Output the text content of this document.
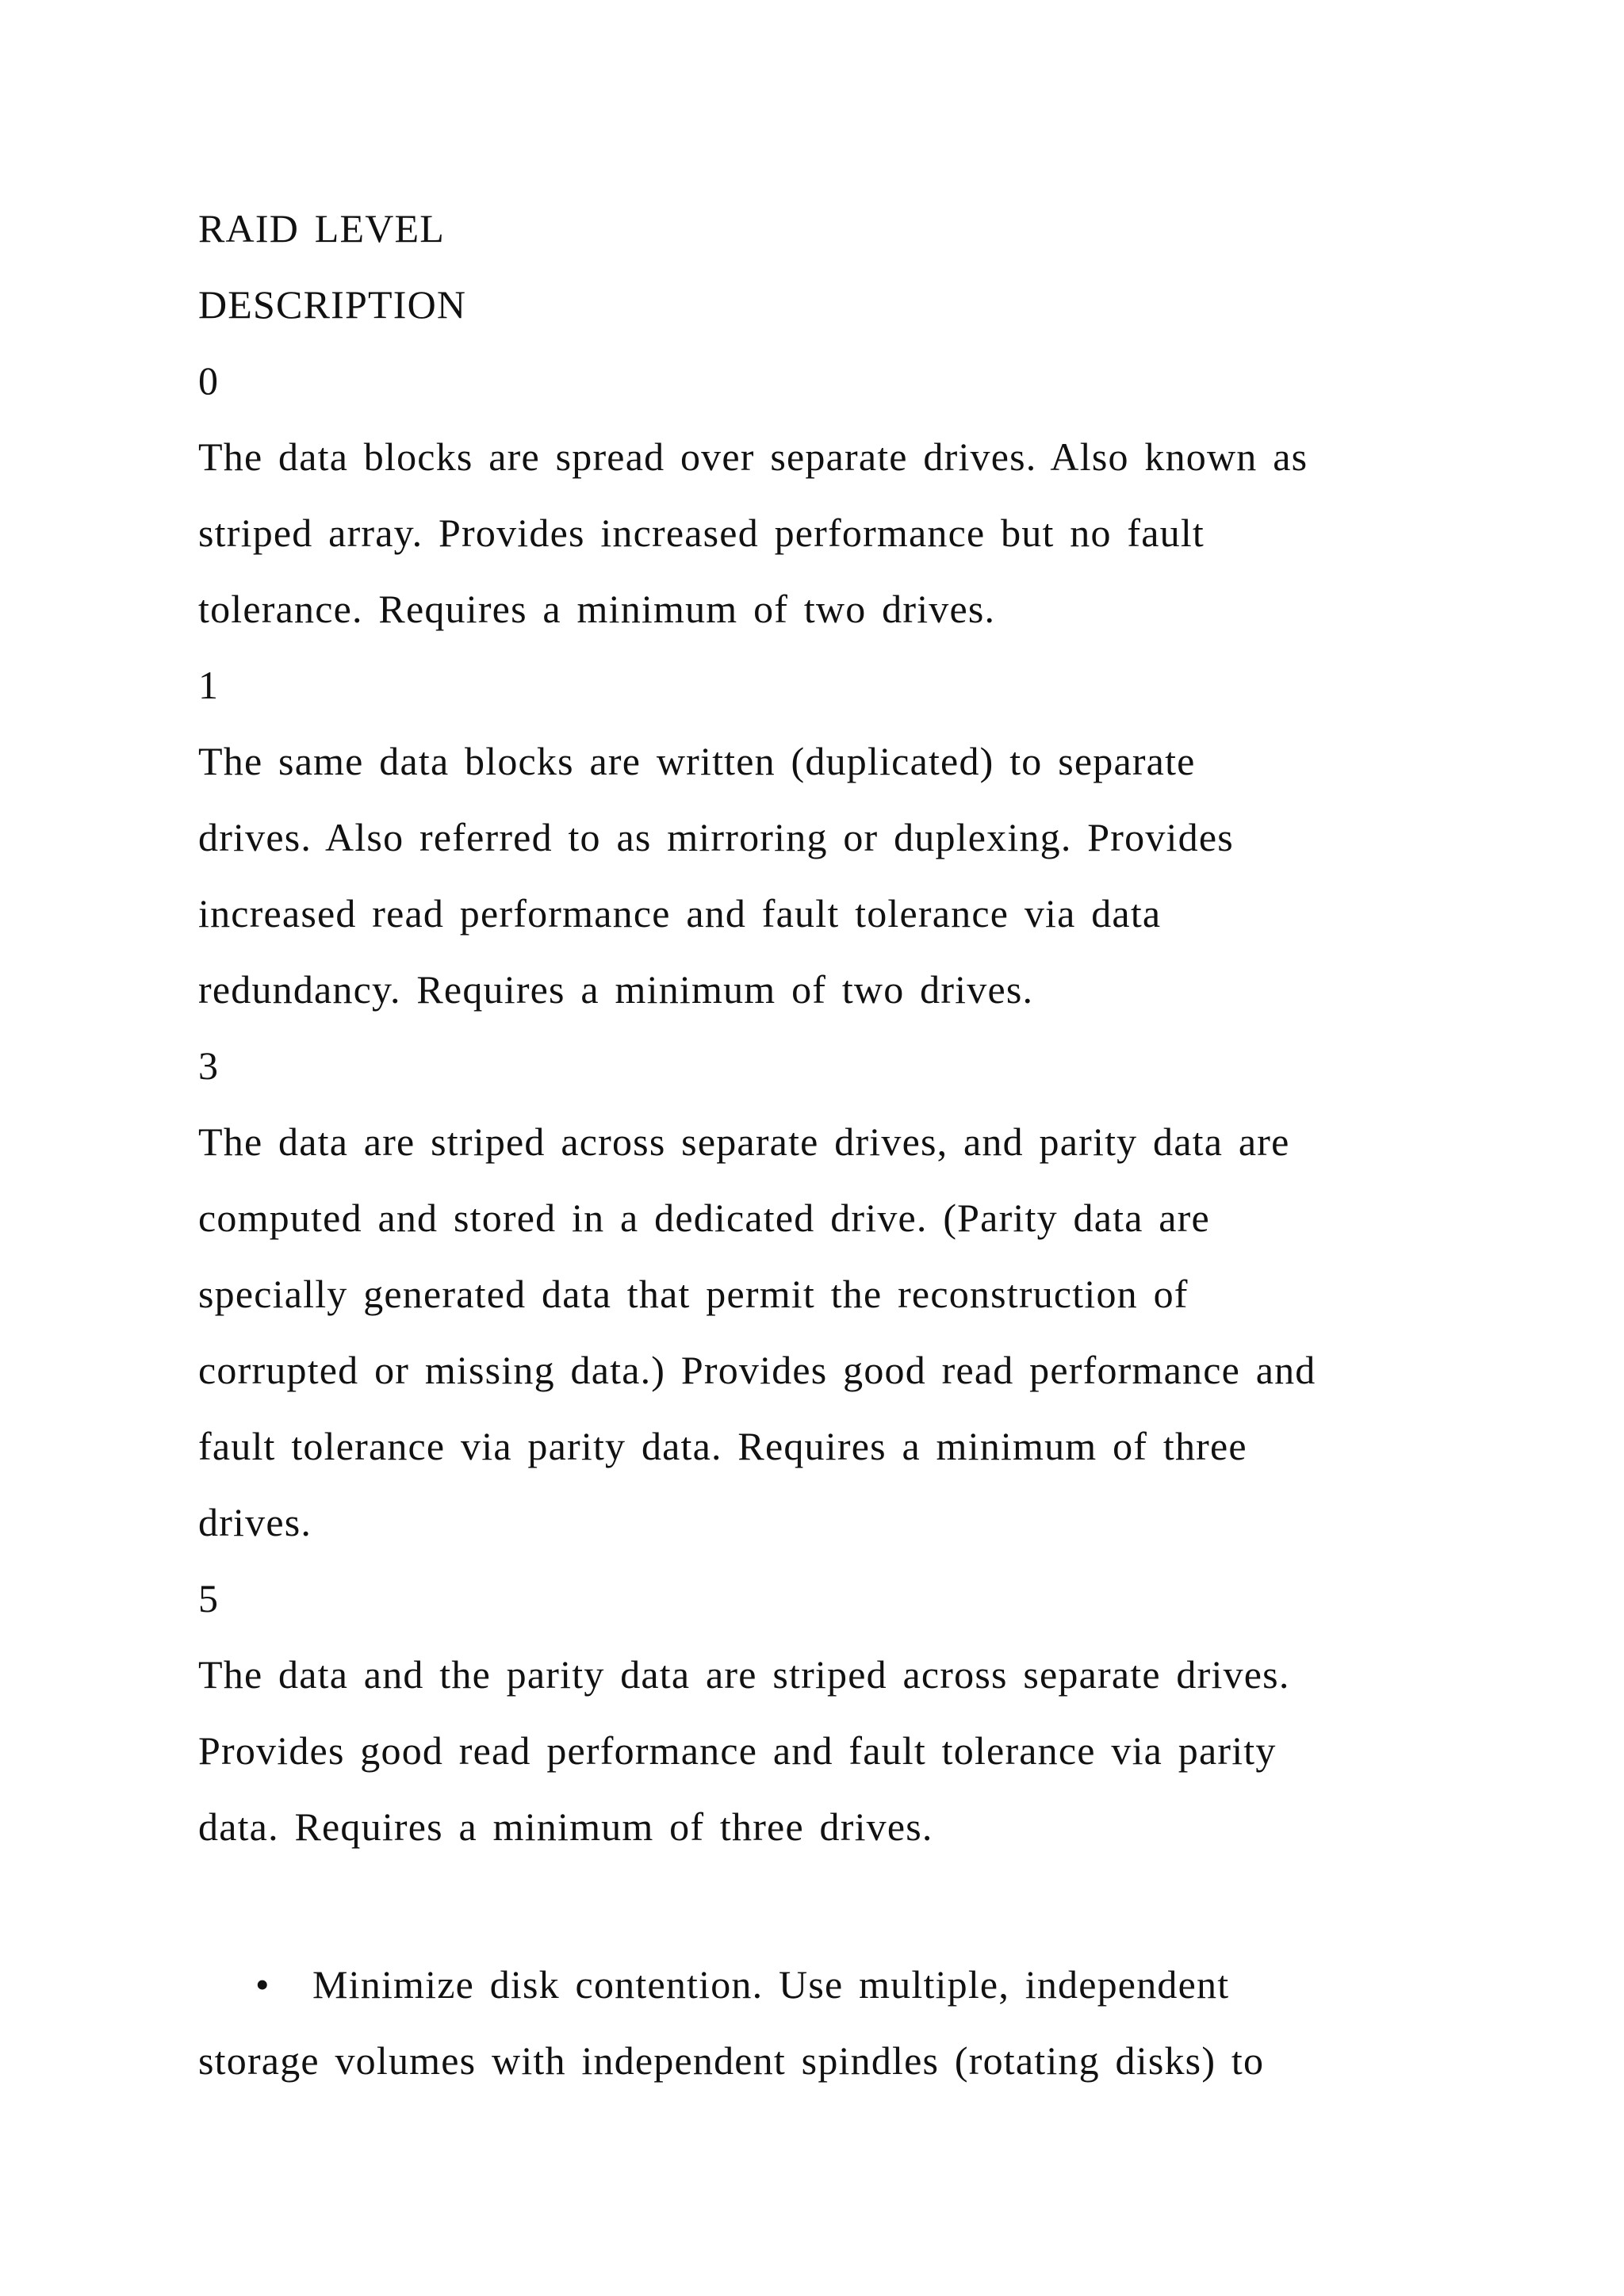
RAID LEVEL
DESCRIPTION
0
The data blocks are spread over separate drives. Also known as
striped array. Provides increased performance but no fault
tolerance. Requires a minimum of two drives.
1
The same data blocks are written (duplicated) to separate
drives. Also referred to as mirroring or duplexing. Provides
increased read performance and fault tolerance via data
redundancy. Requires a minimum of two drives.
3
The data are striped across separate drives, and parity data are
computed and stored in a dedicated drive. (Parity data are
specially generated data that permit the reconstruction of
corrupted or missing data.) Provides good read performance and
fault tolerance via parity data. Requires a minimum of three
drives.
5
The data and the parity data are striped across separate drives.
Provides good read performance and fault tolerance via parity
data. Requires a minimum of three drives.
• Minimize disk contention. Use multiple, independent
storage volumes with independent spindles (rotating disks) to
